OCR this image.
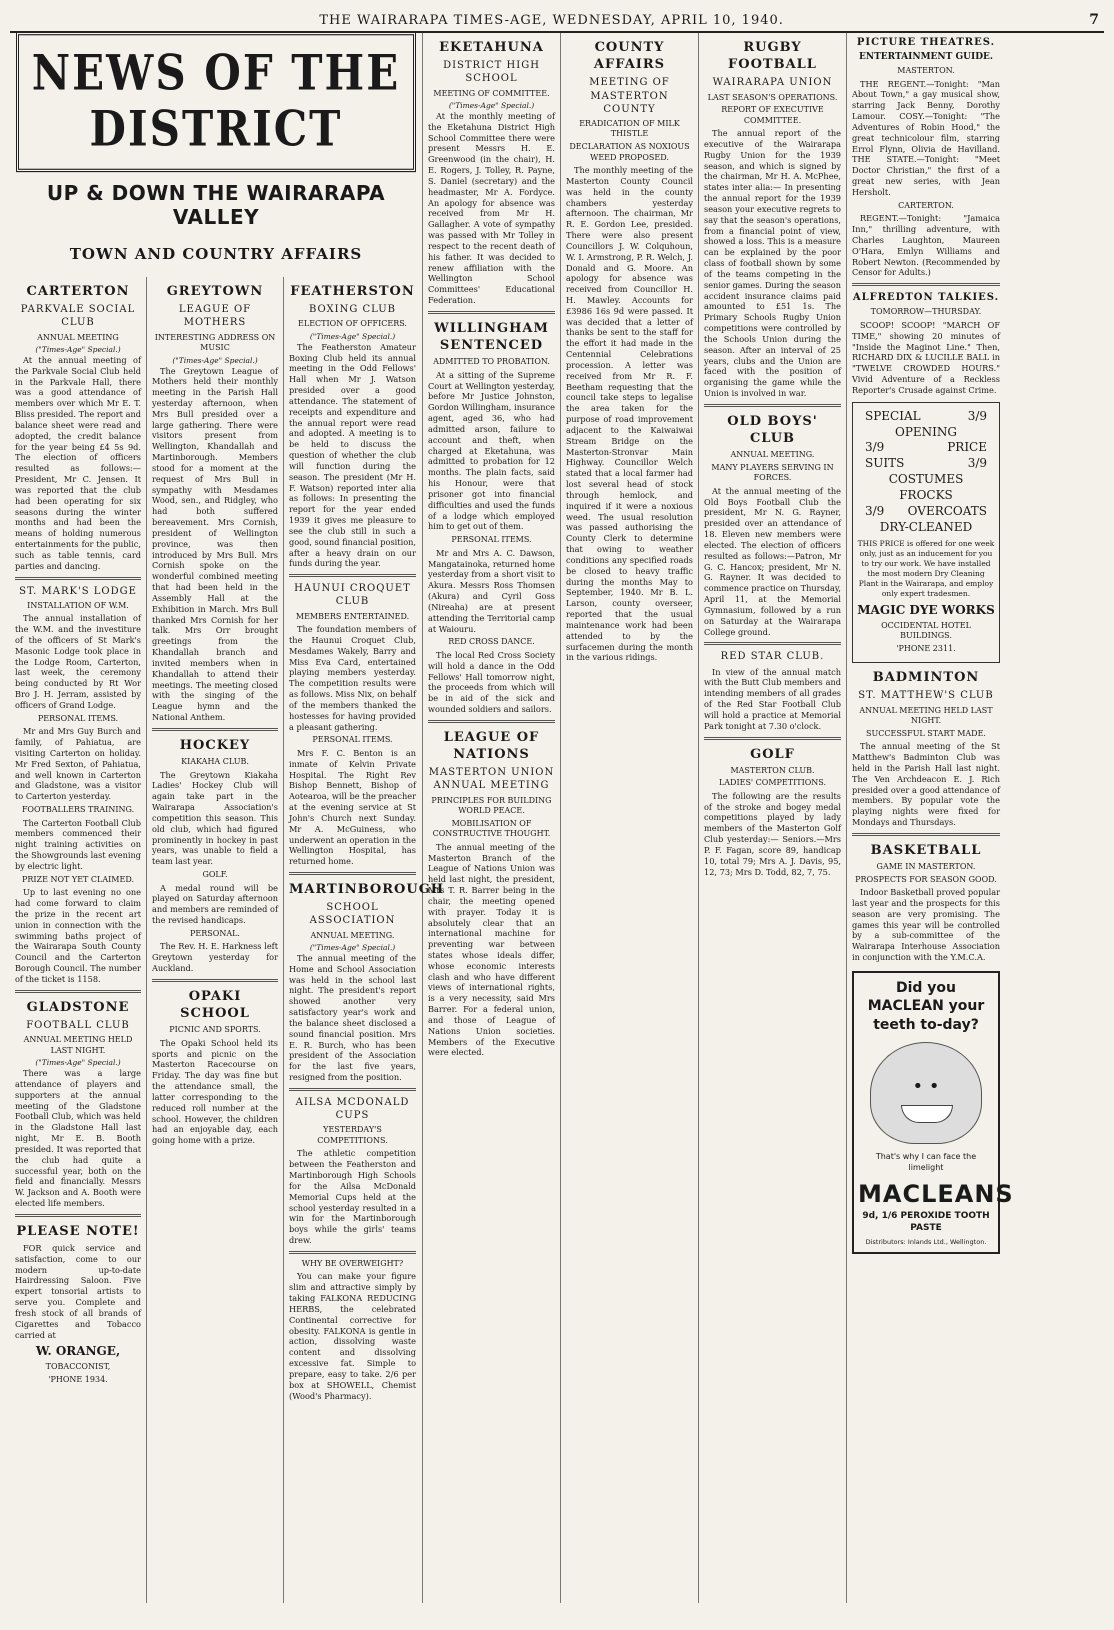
THE WAIRARAPA TIMES-AGE, WEDNESDAY, APRIL 10, 1940.	7
NEWS OF THE DISTRICT
UP & DOWN THE WAIRARAPA VALLEY
TOWN AND COUNTRY AFFAIRS
CARTERTON
PARKVALE SOCIAL CLUB
ANNUAL MEETING
("Times-Age" Special.)

At the annual meeting of the Parkvale Social Club held in the Parkvale Hall, there was a good attendance of members over which Mr E. T. Bliss presided. The report and balance sheet were read and adopted, the credit balance for the year being £4 5s 9d. The election of officers resulted as follows:—President, Mr C. Jensen. It was reported that the club had been operating for six seasons during the winter months and had been the means of holding numerous entertainments for the public, such as table tennis, card parties and dancing.

ST. MARK'S LODGE
INSTALLATION OF W.M.

The annual installation of the W.M. and the investiture of the officers of St Mark's Masonic Lodge took place in the Lodge Room, Carterton, last week, the ceremony being conducted by Rt Wor Bro J. H. Jerram, assisted by officers of Grand Lodge.

PERSONAL ITEMS.

Mr and Mrs Guy Burch and family, of Pahiatua, are visiting Carterton on holiday. Mr Fred Sexton, of Pahiatua, and well known in Carterton and Gladstone, was a visitor to Carterton yesterday.

FOOTBALLERS TRAINING.

The Carterton Football Club members commenced their night training activities on the Showgrounds last evening by electric light.

PRIZE NOT YET CLAIMED.

Up to last evening no one had come forward to claim the prize in the recent art union in connection with the swimming baths project of the Wairarapa South County Council and the Carterton Borough Council. The number of the ticket is 1158.

GLADSTONE
FOOTBALL CLUB
ANNUAL MEETING HELD LAST NIGHT.
("Times-Age" Special.)

There was a large attendance of players and supporters at the annual meeting of the Gladstone Football Club, which was held in the Gladstone Hall last night, Mr E. B. Booth presided. It was reported that the club had quite a successful year, both on the field and financially. Messrs W. Jackson and A. Booth were elected life members.

PLEASE NOTE!

FOR quick service and satisfaction, come to our modern up-to-date Hairdressing Saloon. Five expert tonsorial artists to serve you. Complete and fresh stock of all brands of Cigarettes and Tobacco carried at

W. ORANGE,
TOBACCONIST,
'PHONE 1934.
GREYTOWN
LEAGUE OF MOTHERS
INTERESTING ADDRESS ON MUSIC
("Times-Age" Special.)

The Greytown League of Mothers held their monthly meeting in the Parish Hall yesterday afternoon, when Mrs Bull presided over a large gathering. There were visitors present from Wellington, Khandallah and Martinborough. Members stood for a moment at the request of Mrs Bull in sympathy with Mesdames Wood, sen., and Ridgley, who had both suffered bereavement. Mrs Cornish, president of Wellington province, was then introduced by Mrs Bull. Mrs Cornish spoke on the wonderful combined meeting that had been held in the Assembly Hall at the Exhibition in March. Mrs Bull thanked Mrs Cornish for her talk. Mrs Orr brought greetings from the Khandallah branch and invited members when in Khandallah to attend their meetings. The meeting closed with the singing of the League hymn and the National Anthem.

HOCKEY
KIAKAHA CLUB.

The Greytown Kiakaha Ladies' Hockey Club will again take part in the Wairarapa Association's competition this season. This old club, which had figured prominently in hockey in past years, was unable to field a team last year.

GOLF.

A medal round will be played on Saturday afternoon and members are reminded of the revised handicaps.

PERSONAL.

The Rev. H. E. Harkness left Greytown yesterday for Auckland.

OPAKI SCHOOL
PICNIC AND SPORTS.

The Opaki School held its sports and picnic on the Masterton Racecourse on Friday. The day was fine but the attendance small, the latter corresponding to the reduced roll number at the school. However, the children had an enjoyable day, each going home with a prize.

FEATHERSTON
BOXING CLUB
ELECTION OF OFFICERS.
("Times-Age" Special.)

The Featherston Amateur Boxing Club held its annual meeting in the Odd Fellows' Hall when Mr J. Watson presided over a good attendance. The statement of receipts and expenditure and the annual report were read and adopted. A meeting is to be held to discuss the question of whether the club will function during the season. The president (Mr H. F. Watson) reported inter alia as follows: In presenting the report for the year ended 1939 it gives me pleasure to see the club still in such a good, sound financial position, after a heavy drain on our funds during the year.

HAUNUI CROQUET CLUB
MEMBERS ENTERTAINED.

The foundation members of the Haunui Croquet Club, Mesdames Wakely, Barry and Miss Eva Card, entertained playing members yesterday. The competition results were as follows. Miss Nix, on behalf of the members thanked the hostesses for having provided a pleasant gathering.

PERSONAL ITEMS.

Mrs F. C. Benton is an inmate of Kelvin Private Hospital. The Right Rev Bishop Bennett, Bishop of Aotearoa, will be the preacher at the evening service at St John's Church next Sunday. Mr A. McGuiness, who underwent an operation in the Wellington Hospital, has returned home.

MARTINBOROUGH
SCHOOL ASSOCIATION
ANNUAL MEETING.
("Times-Age" Special.)

The annual meeting of the Home and School Association was held in the school last night. The president's report showed another very satisfactory year's work and the balance sheet disclosed a sound financial position. Mrs E. R. Burch, who has been president of the Association for the last five years, resigned from the position.

AILSA MCDONALD CUPS
YESTERDAY'S COMPETITIONS.

The athletic competition between the Featherston and Martinborough High Schools for the Ailsa McDonald Memorial Cups held at the school yesterday resulted in a win for the Martinborough boys while the girls' teams drew.

WHY BE OVERWEIGHT?

You can make your figure slim and attractive simply by taking FALKONA REDUCING HERBS, the celebrated Continental corrective for obesity. FALKONA is gentle in action, dissolving waste content and dissolving excessive fat. Simple to prepare, easy to take. 2/6 per box at SHOWELL, Chemist (Wood's Pharmacy).

EKETAHUNA
DISTRICT HIGH SCHOOL
MEETING OF COMMITTEE.
("Times-Age" Special.)

At the monthly meeting of the Eketahuna District High School Committee there were present Messrs H. E. Greenwood (in the chair), H. E. Rogers, J. Tolley, R. Payne, S. Daniel (secretary) and the headmaster, Mr A. Fordyce. An apology for absence was received from Mr H. Gallagher. A vote of sympathy was passed with Mr Tolley in respect to the recent death of his father. It was decided to renew affiliation with the Wellington School Committees' Educational Federation.

WILLINGHAM SENTENCED
ADMITTED TO PROBATION.

At a sitting of the Supreme Court at Wellington yesterday, before Mr Justice Johnston, Gordon Willingham, insurance agent, aged 36, who had admitted arson, failure to account and theft, when charged at Eketahuna, was admitted to probation for 12 months. The plain facts, said his Honour, were that prisoner got into financial difficulties and used the funds of a lodge which employed him to get out of them.

PERSONAL ITEMS.

Mr and Mrs A. C. Dawson, Mangatainoka, returned home yesterday from a short visit to Akura. Messrs Ross Thomsen (Akura) and Cyril Goss (Nireaha) are at present attending the Territorial camp at Waiouru.

RED CROSS DANCE.

The local Red Cross Society will hold a dance in the Odd Fellows' Hall tomorrow night, the proceeds from which will be in aid of the sick and wounded soldiers and sailors.

LEAGUE OF NATIONS
MASTERTON UNION ANNUAL MEETING
PRINCIPLES FOR BUILDING WORLD PEACE.
MOBILISATION OF CONSTRUCTIVE THOUGHT.

The annual meeting of the Masterton Branch of the League of Nations Union was held last night, the president, Mrs T. R. Barrer being in the chair, the meeting opened with prayer. Today it is absolutely clear that an international machine for preventing war between states whose ideals differ, whose economic interests clash and who have different views of international rights, is a very necessity, said Mrs Barrer. For a federal union, and those of League of Nations Union societies. Members of the Executive were elected.

COUNTY AFFAIRS
MEETING OF MASTERTON COUNTY
ERADICATION OF MILK THISTLE
DECLARATION AS NOXIOUS WEED PROPOSED.

The monthly meeting of the Masterton County Council was held in the county chambers yesterday afternoon. The chairman, Mr R. E. Gordon Lee, presided. There were also present Councillors J. W. Colquhoun, W. I. Armstrong, P. R. Welch, J. Donald and G. Moore. An apology for absence was received from Councillor H. H. Mawley. Accounts for £3986 16s 9d were passed. It was decided that a letter of thanks be sent to the staff for the effort it had made in the Centennial Celebrations procession. A letter was received from Mr R. F. Beetham requesting that the council take steps to legalise the area taken for the purpose of road improvement adjacent to the Kaiwaiwai Stream Bridge on the Masterton-Stronvar Main Highway. Councillor Welch stated that a local farmer had lost several head of stock through hemlock, and inquired if it were a noxious weed. The usual resolution was passed authorising the County Clerk to determine that owing to weather conditions any specified roads be closed to heavy traffic during the months May to September, 1940. Mr B. L. Larson, county overseer, reported that the usual maintenance work had been attended to by the surfacemen during the month in the various ridings.

RUGBY FOOTBALL
WAIRARAPA UNION
LAST SEASON'S OPERATIONS.
REPORT OF EXECUTIVE COMMITTEE.

The annual report of the executive of the Wairarapa Rugby Union for the 1939 season, and which is signed by the chairman, Mr H. A. McPhee, states inter alia:— In presenting the annual report for the 1939 season your executive regrets to say that the season's operations, from a financial point of view, showed a loss. This is a measure can be explained by the poor class of football shown by some of the teams competing in the senior games. During the season accident insurance claims paid amounted to £51 1s. The Primary Schools Rugby Union competitions were controlled by the Schools Union during the season. After an interval of 25 years, clubs and the Union are faced with the position of organising the game while the Union is involved in war.

OLD BOYS' CLUB
ANNUAL MEETING.
MANY PLAYERS SERVING IN FORCES.

At the annual meeting of the Old Boys Football Club the president, Mr N. G. Rayner, presided over an attendance of 18. Eleven new members were elected. The election of officers resulted as follows:—Patron, Mr G. C. Hancox; president, Mr N. G. Rayner. It was decided to commence practice on Thursday, April 11, at the Memorial Gymnasium, followed by a run on Saturday at the Wairarapa College ground.

RED STAR CLUB.

In view of the annual match with the Butt Club members and intending members of all grades of the Red Star Football Club will hold a practice at Memorial Park tonight at 7.30 o'clock.

GOLF
MASTERTON CLUB.
LADIES' COMPETITIONS.

The following are the results of the stroke and bogey medal competitions played by lady members of the Masterton Golf Club yesterday:— Seniors.—Mrs P. F. Fagan, score 89, handicap 10, total 79; Mrs A. J. Davis, 95, 12, 73; Mrs D. Todd, 82, 7, 75.

PICTURE THEATRES.
ENTERTAINMENT GUIDE.
MASTERTON.

THE REGENT.—Tonight: "Man About Town," a gay musical show, starring Jack Benny, Dorothy Lamour. COSY.—Tonight: "The Adventures of Robin Hood," the great technicolour film, starring Errol Flynn, Olivia de Havilland. THE STATE.—Tonight: "Meet Doctor Christian," the first of a great new series, with Jean Hersholt.

CARTERTON.

REGENT.—Tonight: "Jamaica Inn," thrilling adventure, with Charles Laughton, Maureen O'Hara, Emlyn Williams and Robert Newton. (Recommended by Censor for Adults.)

ALFREDTON TALKIES.
TOMORROW—THURSDAY.

SCOOP! SCOOP! "MARCH OF TIME," showing 20 minutes of "Inside the Maginot Line." Then, RICHARD DIX & LUCILLE BALL in "TWELVE CROWDED HOURS." Vivid Adventure of a Reckless Reporter's Crusade against Crime.

SPECIAL	3/9
OPENING
3/9	PRICE
SUITS	3/9
COSTUMES
FROCKS
3/9 OVERCOATS
DRY-CLEANED

THIS PRICE is offered for one week only, just as an inducement for you to try our work. We have installed the most modern Dry Cleaning Plant in the Wairarapa, and employ only expert tradesmen.

MAGIC DYE WORKS
OCCIDENTAL HOTEL BUILDINGS.
'PHONE 2311.
BADMINTON
ST. MATTHEW'S CLUB
ANNUAL MEETING HELD LAST NIGHT.
SUCCESSFUL START MADE.

The annual meeting of the St Matthew's Badminton Club was held in the Parish Hall last night. The Ven Archdeacon E. J. Rich presided over a good attendance of members. By popular vote the playing nights were fixed for Mondays and Thursdays.

BASKETBALL
GAME IN MASTERTON.
PROSPECTS FOR SEASON GOOD.

Indoor Basketball proved popular last year and the prospects for this season are very promising. The games this year will be controlled by a sub-committee of the Wairarapa Interhouse Association in conjunction with the Y.M.C.A.

Did you MACLEAN your teeth to-day?
• •
That's why I can face the limelight
MACLEANS
9d, 1/6 PEROXIDE TOOTH PASTE
Distributors: Inlands Ltd., Wellington.
